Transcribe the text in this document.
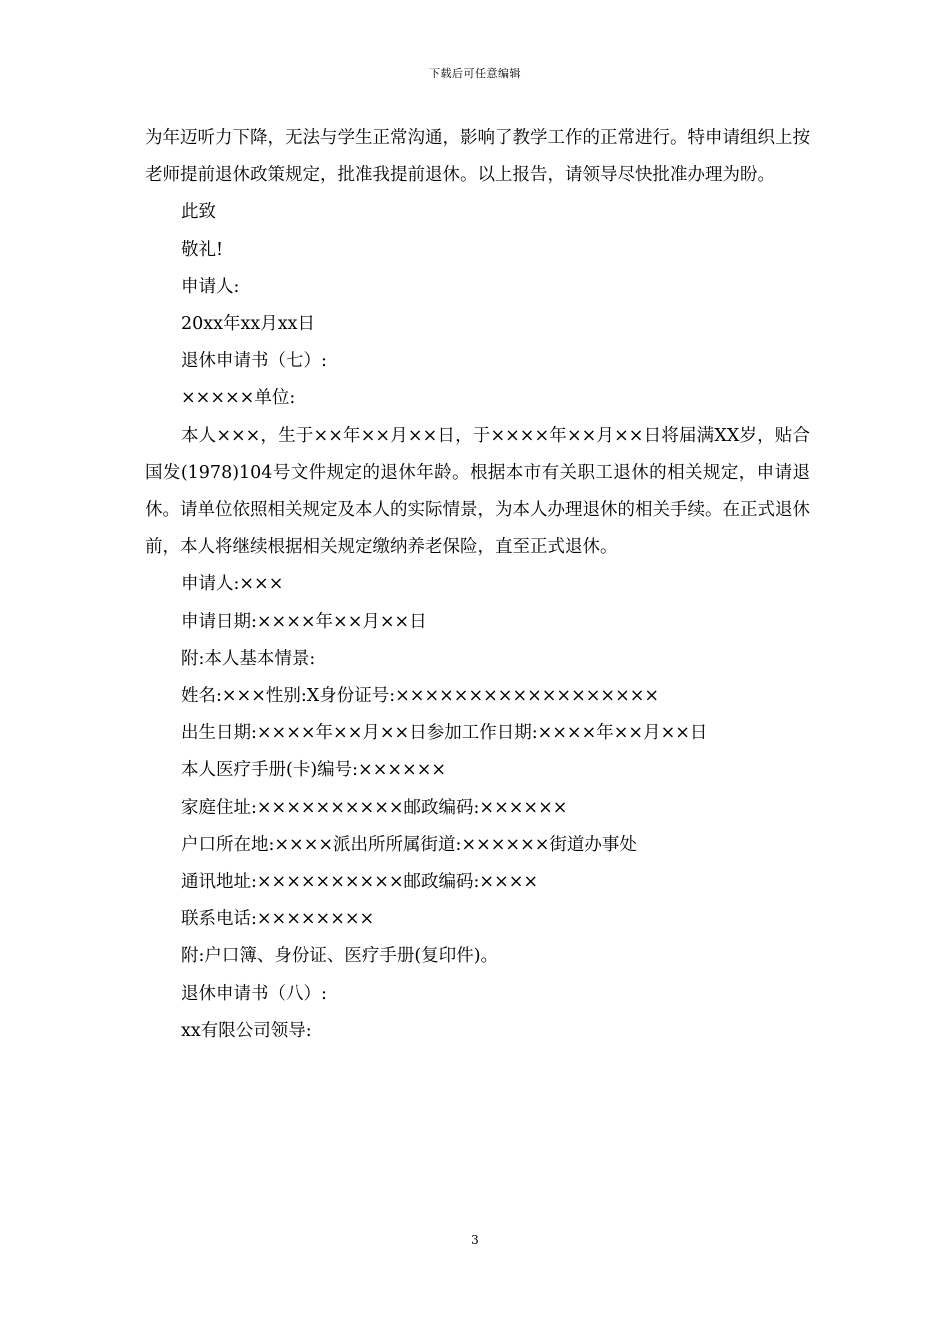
下载后可任意编辑

为年迈听力下降，无法与学生正常沟通，影响了教学工作的正常进行。特申请组织上按老师提前退休政策规定，批准我提前退休。以上报告，请领导尽快批准办理为盼。

此致

敬礼!

申请人:

20xx年xx月xx日

退休申请书（七）:

×××××单位:

本人×××，生于××年××月××日，于××××年××月××日将届满XX岁，贴合国发(1978)104号文件规定的退休年龄。根据本市有关职工退休的相关规定，申请退休。请单位依照相关规定及本人的实际情景，为本人办理退休的相关手续。在正式退休前，本人将继续根据相关规定缴纳养老保险，直至正式退休。

申请人:×××

申请日期:××××年××月××日

附:本人基本情景:

姓名:×××性别:X身份证号:××××××××××××××××××

出生日期:××××年××月××日参加工作日期:××××年××月××日

本人医疗手册(卡)编号:××××××

家庭住址:××××××××××邮政编码:××××××

户口所在地:××××派出所所属街道:××××××街道办事处

通讯地址:××××××××××邮政编码:××××

联系电话:××××××××

附:户口簿、身份证、医疗手册(复印件)。

退休申请书（八）:

xx有限公司领导:

3
